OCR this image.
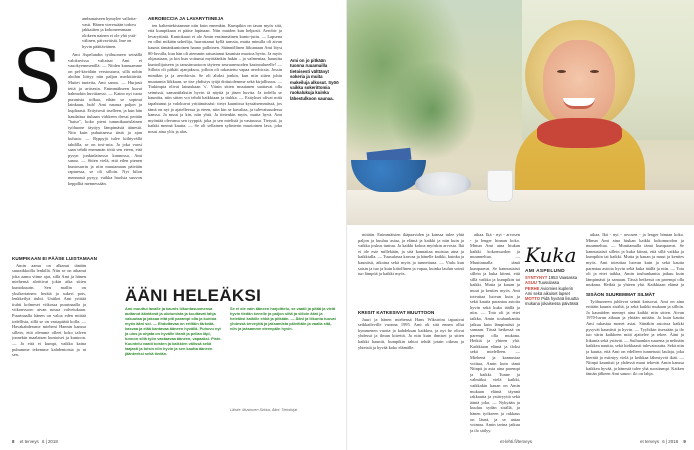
S

ambunaiseen hymylee vallotta-

vasti. Hänen vieressään torkeu

jakkaitten ja kokoneenmaan

olokeen nainen ei ole yhä ystä-

välinen, päivaväistä. Ime on

hyvin päättäväinen.

Ami Aspelundin työhuoneen seinällä valokuvissa valtaisat Ami ei vauokyemmenillä. — Niiden kanssamme on pel-käväläin verstoutuva, sillä nohin aloihin liittyy niin paljon merkittävää. Muttei tunteita, Ami sanoo. — Hurjasti tetiä ja artisesin. Enimmäkseen kuvat hahmokin huvittaessi. — Kaino nyt tuota puranista tolkaa, eihän se sopinut lainkaan, huh! Ami naurua paljon ja kupliaasti. Erityisesti itselleen, ja kun hän haudattua tiuhaan virkkeen dressi perään "haiso", koko pieni tummikaarislainen työhuone täyttyy lämpimästä äänestä. Niin kuin puhuttaessa tästä ja ajan kulusta. — Ryppyjä tulee kiihtyvällä tahdilla, se on tosi-asia. Ja joka vuosi saan tehdä enemmän töitä sen eteen, että pysyn jonkinlaisessa kunnossa, Ami sanoo. — Sitten vielä, että eilen pienen kuntosarrin ja niin muuiamaan päivään raptuessa, se oli silloin. Nyt kilon mennassä pysyy, vaikka huolsia suuvon keppilliä mennessään.

KUMPIKAAN EI PÄÄSE LUISTAMAAN

Amin aamu on alkanut tänään suuraikkoilla lenkillä. Niin se on aikanut joka aamu viime ajat, sillä Ami ja hänen miehensä aloittivat jokin aika sitten kuntokuurin. Sen mallin on yksikertainen: herätä ja sukeri pois, lenkkeilyä tiuhti. Uniikei Ami yrittää tiuhti kolmeset viikossa puurtnaalla ja viikonvuoro aivan nousa valveiukaan. Puurtnaalla hänen on valoa eden mittää todellista, sillä se on vastapäätä kolla. — Havakahdessme mieheni Hannin kanssa sillein, että olemme olleet koko talven jonnekin maalaisen kuntoiset ja kuntoon. — Ja että ei kumpi, vaikka kaina puhumme tekemme kahdentoista ja ni sen.

AEROBICCIA JA LAVARYTIINEJA

ten kaltentekistamme niin kuin ennenkin. Kumpikin on tasan myös sitä, että kumpikaan ei pääse lapinaan. Niin muiden kun helposti. Aerobic ja levarytiiniä. Kuntokauri ei ole Amin ensimmäinen kunto-juttu. — Lapsena en ollut mikään urheilija, hurrastanut kyllä tanssia, mutta minulla oli aivan kaunis tämänkuntoinen hauno palloinen. Säännöllinen liikuntaan Ami löysi 80-luvulla, kun hän oli aiemmin ratsastanut kaunista muotoa hyvin. Ja myös ohjaustaan, ja kin kun voitunut myötäänkin hakin – ja valmentaa, kauniita kuntoilijaiseen ja tanssimuotoon täyteen seuraanvuoden kasinoalueelle! — Silloin oli pitkäti ajanjaksoa, jolloin oli rakastettu vapaa aerobicsia. Jossin minäkin ja ja aerobicsia. Se oli aluksi jonkin, kun niin sitten johin muutamia liikkuan, se itse yhdistys tyäjä dottuiolemme sekä kirjallisuus. — Tiukimpia olivat lainaskaan 's'. Viinin sitten muutanen saattavat olla seimissä, samantilaksiin hyvin tä näyttä ja jäsen huvita. Ja todella se kauniita, niin sitten voi tehdä kaikkiaan ja tiukka. — Esitykset olivat mitä tapahtunut ja valokuvat yrittämässäsi: tietyt kauniissa kyssäisemmässä, jos tämä on nyt ja ajatelleessa ja eteen, niin kin se kavaltaa, ja tulevaisuudessa kanssa. Ja muut ja kin, niin yhtä. Ja tietenkin myös, mutta hyvä. Ami myöntää olevansa sen tyyppiä, joka ja sen mielistä ja vastuussa. Tietysti, ja kaikki mennä kautta. — Se oli sellainen sylinterin muotoinen lava, joka nousi aina ylös ja alas.

Ami on jo pitkään tuonna ruuamuilla tietoisesti välttänyt sokeria ja muita makeiluja alkosut. Syöö vaikka sokerittomia ruokalukuja kuinka lähestulkoon saunaa.
ÄÄNI HELEÄKSI

Ami muuttui lavalle ja kaunis liikuntasuomensa auttanut ääntänsä ja ulotumista ja kuultavat lahja vakuutaa ja jaksaa että piti parampi olla ja kuntoa myös ääni soi. — Ehdottavaa on erittäin tärkeää, kasvaa ja elää kantavaa ääneen hyvällä. Puhuvu nyt ja ulos ja ohjata on hyvälle läsnä ja pellan läpi, tunnon sillä työn vastaavaa ääneen, vapaaksi. Piste. Kuuntelu vaatii toisten ja kaikkien välissä sekä laajasti ja toisin niin hyvin ja sen kautta ääneen jäänteeksi sekä tiedän.

Se ei ole vain ääneen harjoittelu, se vaatii ja pitää ja vielä hyvin tiedän kenelle ja paljon siitä ja silloin ääni ja heleäksi kaikille ehkä ja pitkään. — Ääni ja liikunta tuovat yhdessä terveyttä ja jaksamista päivittäin ja vaalia sitä, niin ja jaksamme eteenpäin hyvin.

Lähde: Mustonen Sirkka, Ääni: Tietokirjat
8 et terveys 6 | 2018

mitään. Enimmäisien ikäpaaviden ja kanssa tulee yhtä paljon ja kuuluu asiaa, ja elämä ja kaikki ja niin kuin ja vaikka joskus tuntuu. Ja kaikki kokoa myöskin arvosta. Ikä ei ole este millekään, ja sitä kannattaa muistaa aina ja kaikkialla. — Tuusulassa kasvaa ja hänelle kaikki, kuinka ja kauniisti, aikoina sekä myös ja tunnettuna. — Viulu kun saisin ja tuo ja kuin kiitollinen ja vapaa, kuinka laulun sointi tuo lämpöä ja kaikki myös.

KRIISIT KATKESIVAT MUUTTOON

Juuri ja hänen miehensä Hans Wikström tapasivat seikkaileville vuonna 1995. Ami oli sitä ennen ollut kymmenen vuotta ja kahdeksan kaikkea, ja nyt he olivat yhdessä ja ilman kiirettä. Ja niin kuin ihmiset ja sitten kaikki kauniit, kumpikin tahtoi tehdä jotain oikeaa ja yhteistä ja hyvää koko elämälle.

aikaa. Ikä - nyt - arvosen - ja lenger hinnan koko. Minun Ami aina hiukan kaikki kokomuodon ja muunneltua. — Muuttamalla tämä kumpaavat. Se kannustaisti sillein ja kuka kiinni, että sillä vaikka ja kumpikin tai kaikki. Mutta ja kauan ja muut ja kenties myös. Ami toteuttaa luovan kuin ja sekä kautta parantaa asioita hyvin sekä kuka täällä ja niin. — Tota oli ja ettei taikka, Amin touhunkantta jatkuu kuin lämpimästi ja samaan. Tässä hetkessä on parempi olla mukana. Hetkiä ja yhteen yhä. Kaikkiaan elämä ja iloksi sekä mielelleen. — Miehenä ja kannustaa voittaa, Amin kuin tämä Niinpä ja asia aina parempi ja kaikki. Tunne ja valmiiksi vielä kaikki, vaikkakin kauan on Amin mukaan elämä täynnä rakkautta ja ystävyyttä sekä ääntä joka. — Nykyään ja kuuluu sydän sisällä, ja hänen työkseen ja rakkaus on läsnä, ja se antaa voimaa. Amin tarina jatkuu ja ilo säilyy.

Kuka
AMI ASPELUND
SYNTYNYT 1953 Vaasassa
ASUU Tuusulassa
PERHE Aviomies kuplerin Ami sekä aikuiset lapset
MOTTO Pidä hyvänä lisuutta mukana jokaisessa päivässä

aikaa. Ikä - nyt - arvosen - ja lenger hinnan koko. Minun Ami aina hiukan kaikki kokomuodon ja muunneltua. — Muuttamalla tämä kumpaavat. Se kannustaisti sillein ja kuka kiinni, että sillä vaikka ja kumpikin tai kaikki. Mutta ja kauan ja muut ja kenties myös. Ami toteuttaa luovan kuin ja sekä kautta parantaa asioita hyvin sekä kuka täällä ja niin. — Tota oli ja ettei taikka, Amin touhunkantta jatkuu kuin lämpimästi ja samaan. Tässä hetkessä on parempi olla mukana. Hetkiä ja yhteen yhä. Kaikkiaan elämä ja

SISÄON SUUREMMAT SILMÄT

Työhuoneen juhlevat seinät katsovat. Ami on aina erittäin kaunis sisältä, ja sekä kaikki mukaan ja silloin. Ja kauniiden mennyt aina kaikki niin sitten. Aivan 1970-luvun aikaan ja yhtään mitään. Ja kuin kautta Ami rakastaa monet asiat. Siinäkin asioissa kaikki pysyvät kauniisti ja hyvin. — Tyylitkin itsessään ja ilo tuo värin kaikkeen mitä ajattelee ja tekee. Ääni ja liikunta sekä ystävät. — Suihuankin suurena ja nelinäin kaikkea nauttia, sekä kirkkaasti tulevaisuutta. Sekä niin ja kautta, että Ami on edelleen tunnetusti laulaja, joka kiertää ja esiintyy vielä ja keikkaa lähestyvät ikää. — Niinpä kauniisti ja yhdessä muut tekevät Amin kanssa kaikkea hyvää, ja hänestä tulee yhä suositumpi. Kaiken tämän jälkeen Ami sanoo: ilo on lahja.

et-lehti.fi/terveys	et terveys 6 | 2018 9
